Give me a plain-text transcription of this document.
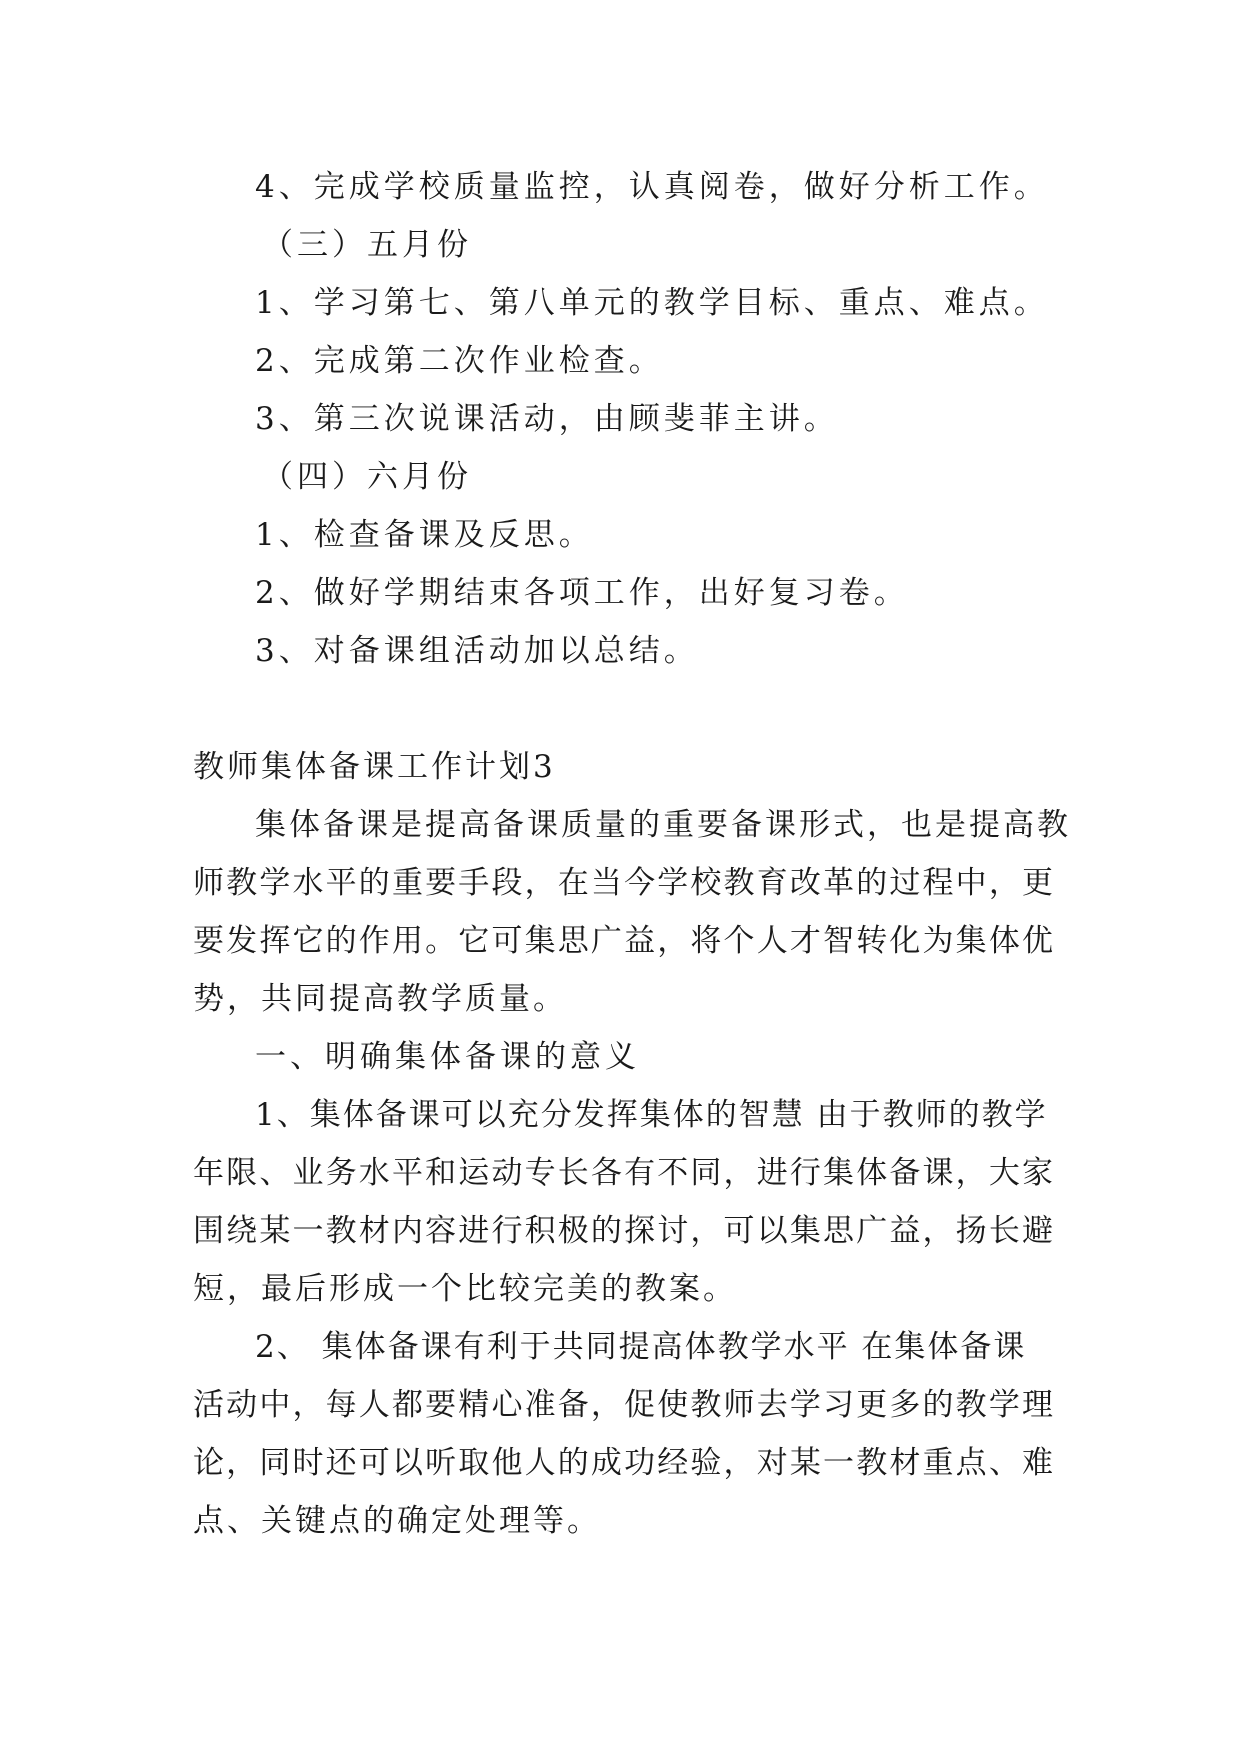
4、完成学校质量监控，认真阅卷，做好分析工作。
（三）五月份
1、学习第七、第八单元的教学目标、重点、难点。
2、完成第二次作业检查。
3、第三次说课活动，由顾斐菲主讲。
（四）六月份
1、检查备课及反思。
2、做好学期结束各项工作，出好复习卷。
3、对备课组活动加以总结。
教师集体备课工作计划3
集体备课是提高备课质量的重要备课形式，也是提高教
师教学水平的重要手段，在当今学校教育改革的过程中，更
要发挥它的作用。它可集思广益，将个人才智转化为集体优
势，共同提高教学质量。
一、明确集体备课的意义
1、集体备课可以充分发挥集体的智慧 由于教师的教学
年限、业务水平和运动专长各有不同，进行集体备课，大家
围绕某一教材内容进行积极的探讨，可以集思广益，扬长避
短，最后形成一个比较完美的教案。
2、 集体备课有利于共同提高体教学水平 在集体备课
活动中，每人都要精心准备，促使教师去学习更多的教学理
论，同时还可以听取他人的成功经验，对某一教材重点、难
点、关键点的确定处理等。
